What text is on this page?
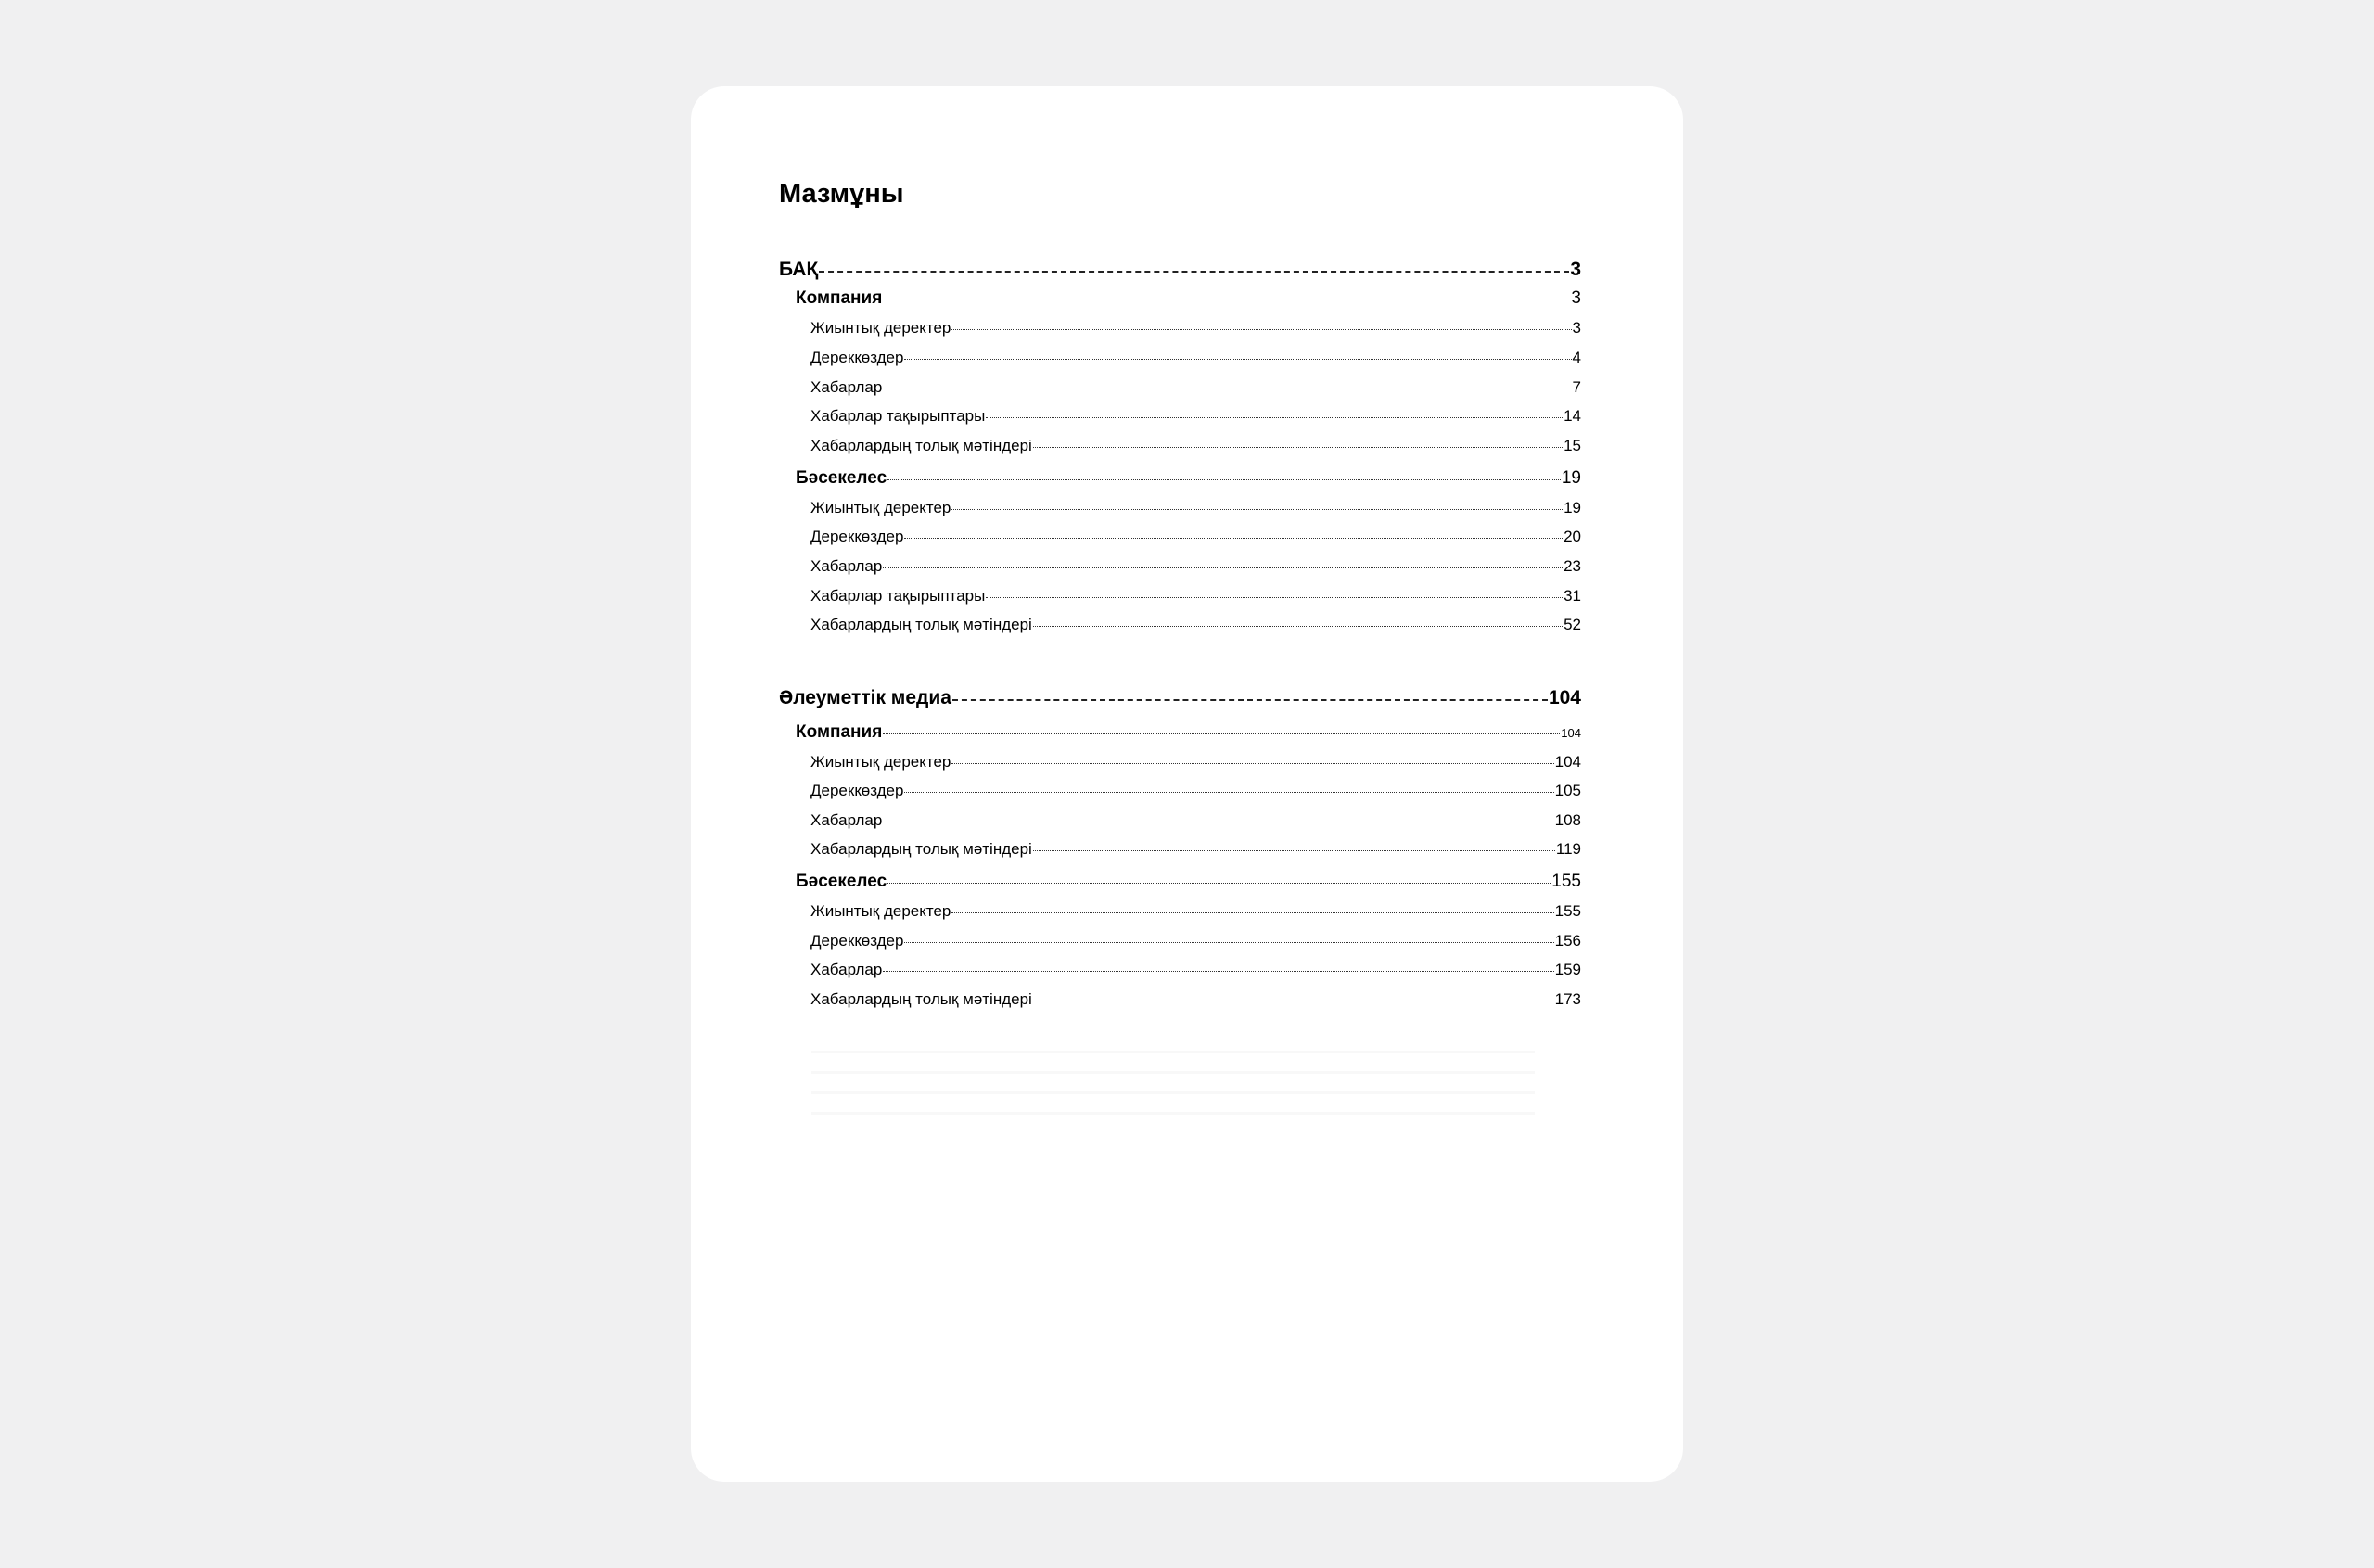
Мазмұны
БАҚ	3
Компания	3
Жиынтық деректер	3
Дереккөздер	4
Хабарлар	7
Хабарлар тақырыптары	14
Хабарлардың толық мәтіндері	15
Бәсекелес	19
Жиынтық деректер	19
Дереккөздер	20
Хабарлар	23
Хабарлар тақырыптары	31
Хабарлардың толық мәтіндері	52
Әлеуметтік медиа	104
Компания	104
Жиынтық деректер	104
Дереккөздер	105
Хабарлар	108
Хабарлардың толық мәтіндері	119
Бәсекелес	155
Жиынтық деректер	155
Дереккөздер	156
Хабарлар	159
Хабарлардың толық мәтіндері	173
